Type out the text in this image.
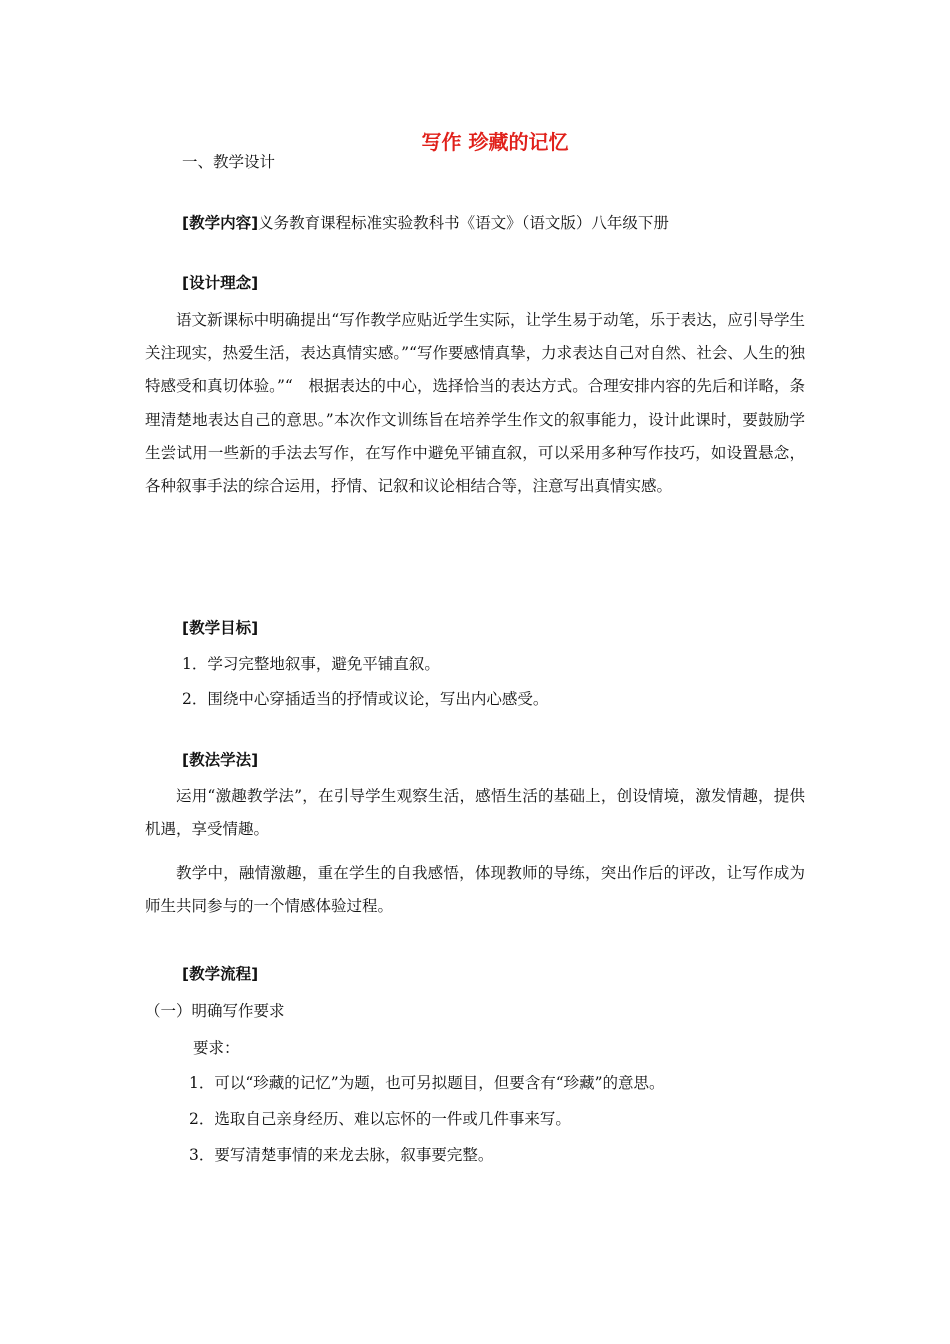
写作 珍藏的记忆
一、教学设计
[教学内容]义务教育课程标准实验教科书《语文》（语文版）八年级下册
[设计理念]
语文新课标中明确提出“写作教学应贴近学生实际，让学生易于动笔，乐于表达，应引导学生关注现实，热爱生活，表达真情实感。”“写作要感情真挚，力求表达自己对自然、社会、人生的独特感受和真切体验。”“　根据表达的中心，选择恰当的表达方式。合理安排内容的先后和详略，条理清楚地表达自己的意思。”本次作文训练旨在培养学生作文的叙事能力，设计此课时，要鼓励学生尝试用一些新的手法去写作，在写作中避免平铺直叙，可以采用多种写作技巧，如设置悬念，各种叙事手法的综合运用，抒情、记叙和议论相结合等，注意写出真情实感。
[教学目标]
1．学习完整地叙事，避免平铺直叙。
2．围绕中心穿插适当的抒情或议论，写出内心感受。
[教法学法]
运用“激趣教学法”，在引导学生观察生活，感悟生活的基础上，创设情境，激发情趣，提供机遇，享受情趣。
教学中，融情激趣，重在学生的自我感悟，体现教师的导练，突出作后的评改，让写作成为师生共同参与的一个情感体验过程。
[教学流程]
（一）明确写作要求
要求：
1．可以“珍藏的记忆”为题，也可另拟题目，但要含有“珍藏”的意思。
2．选取自己亲身经历、难以忘怀的一件或几件事来写。
3．要写清楚事情的来龙去脉，叙事要完整。
